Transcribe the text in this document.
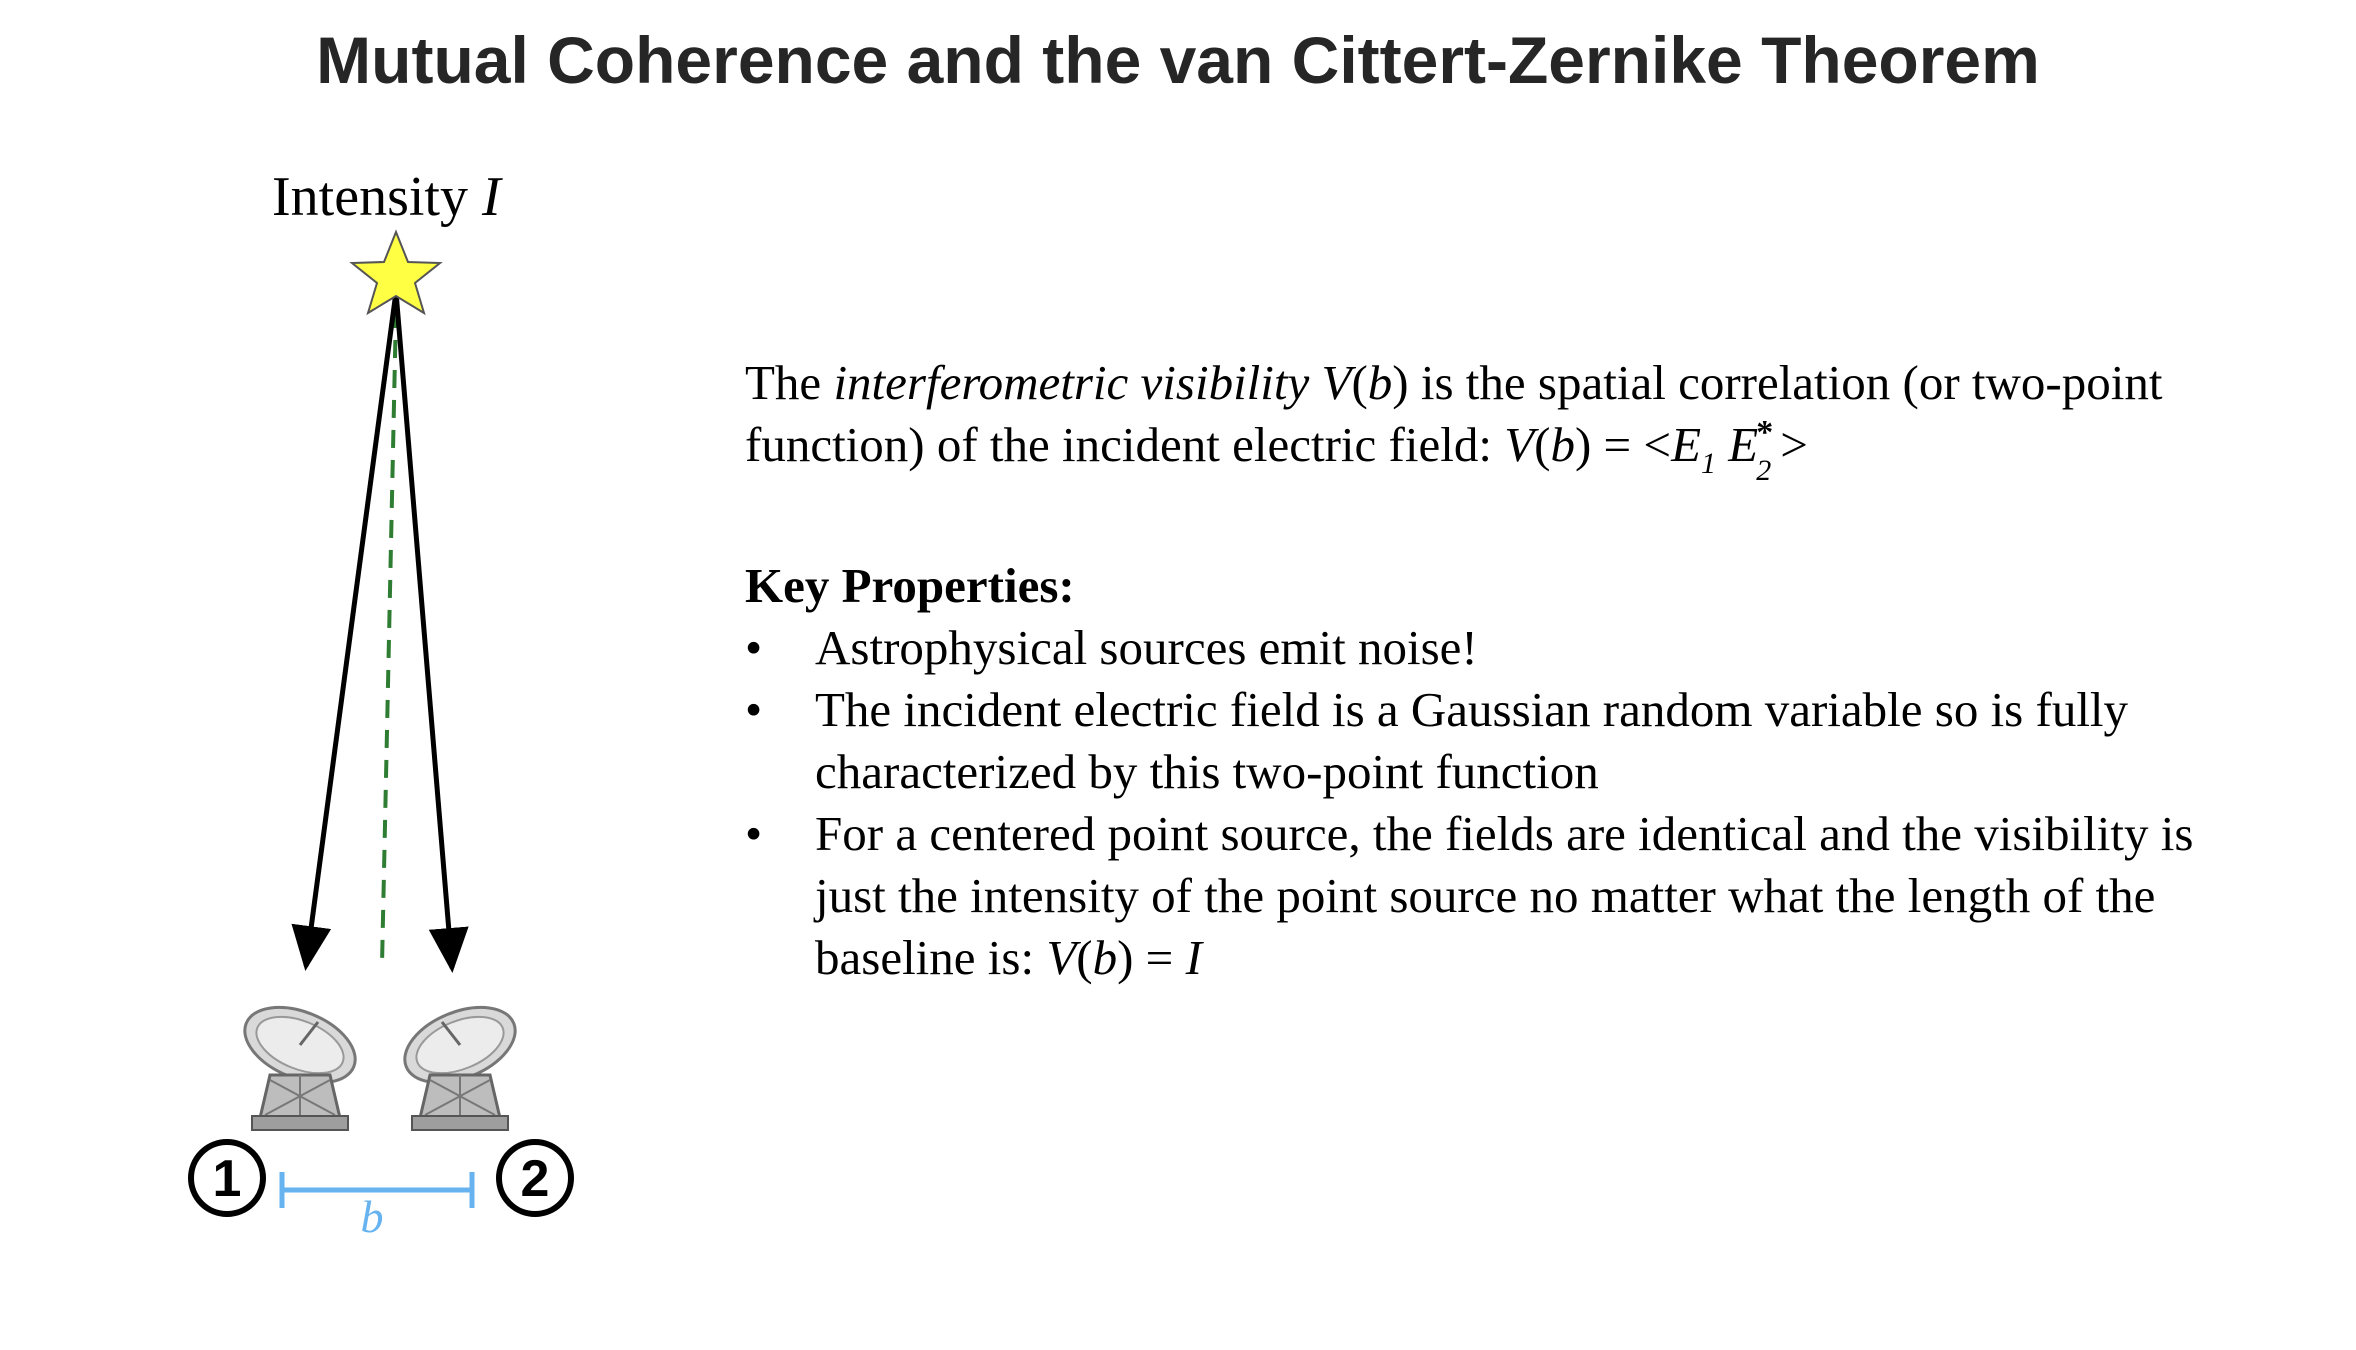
Mutual Coherence and the van Cittert-Zernike Theorem
Intensity I
1	2
b

The interferometric visibility V(b) is the spatial correlation (or two-point function) of the incident electric field: $V(b) = <E_1$ E
*
2 >

Key Properties:

• Astrophysical sources emit noise!
• The incident electric field is a Gaussian random variable so is fully characterized by this two-point function
• For a centered point source, the fields are identical and the visibility is just the intensity of the point source no matter what the length of the baseline is: V(b) = I
